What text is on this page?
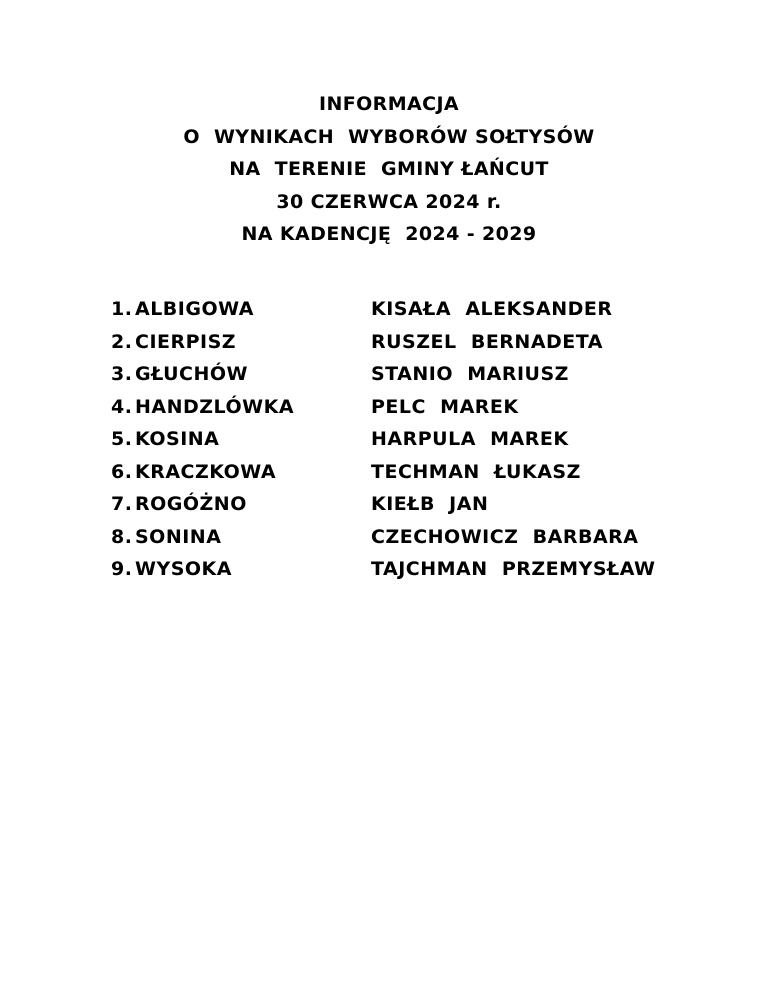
INFORMACJA
O  WYNIKACH  WYBORÓW SOŁTYSÓW
NA  TERENIE  GMINY ŁAŃCUT
30 CZERWCA 2024 r.
NA KADENCJĘ  2024 - 2029
1. ALBIGOWA	KISAŁA  ALEKSANDER
2. CIERPISZ	RUSZEL  BERNADETA
3. GŁUCHÓW	STANIO  MARIUSZ
4. HANDZLÓWKA	PELC  MAREK
5. KOSINA	HARPULA  MAREK
6. KRACZKOWA	TECHMAN  ŁUKASZ
7. ROGÓŻNO	KIEŁB  JAN
8. SONINA	CZECHOWICZ  BARBARA
9. WYSOKA	TAJCHMAN  PRZEMYSŁAW
